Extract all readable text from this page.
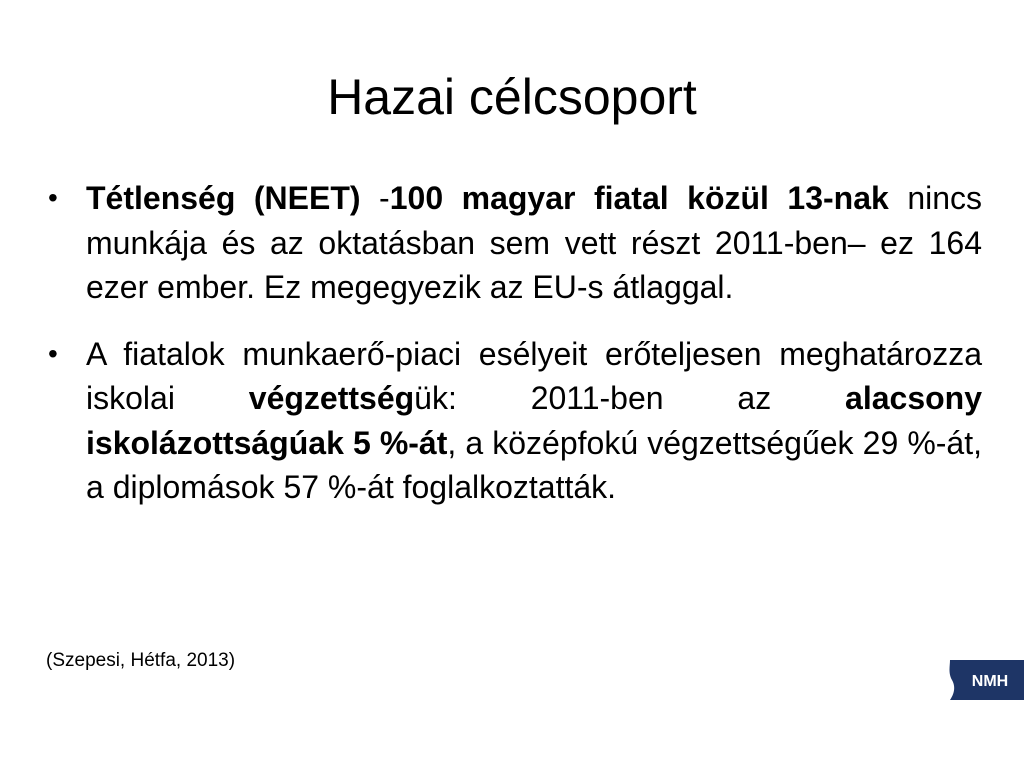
Hazai célcsoport
• Tétlenség (NEET) -100 magyar fiatal közül 13-nak nincs munkája és az oktatásban sem vett részt 2011-ben– ez 164 ezer ember. Ez megegyezik az EU-s átlaggal.
• A fiatalok munkaerő-piaci esélyeit erőteljesen meghatározza iskolai végzettségük: 2011-ben az alacsony iskolázottságúak 5 %-át, a középfokú végzettségűek 29 %-át, a diplomások 57 %-át foglalkoztatták.
(Szepesi, Hétfa, 2013)
NMH
